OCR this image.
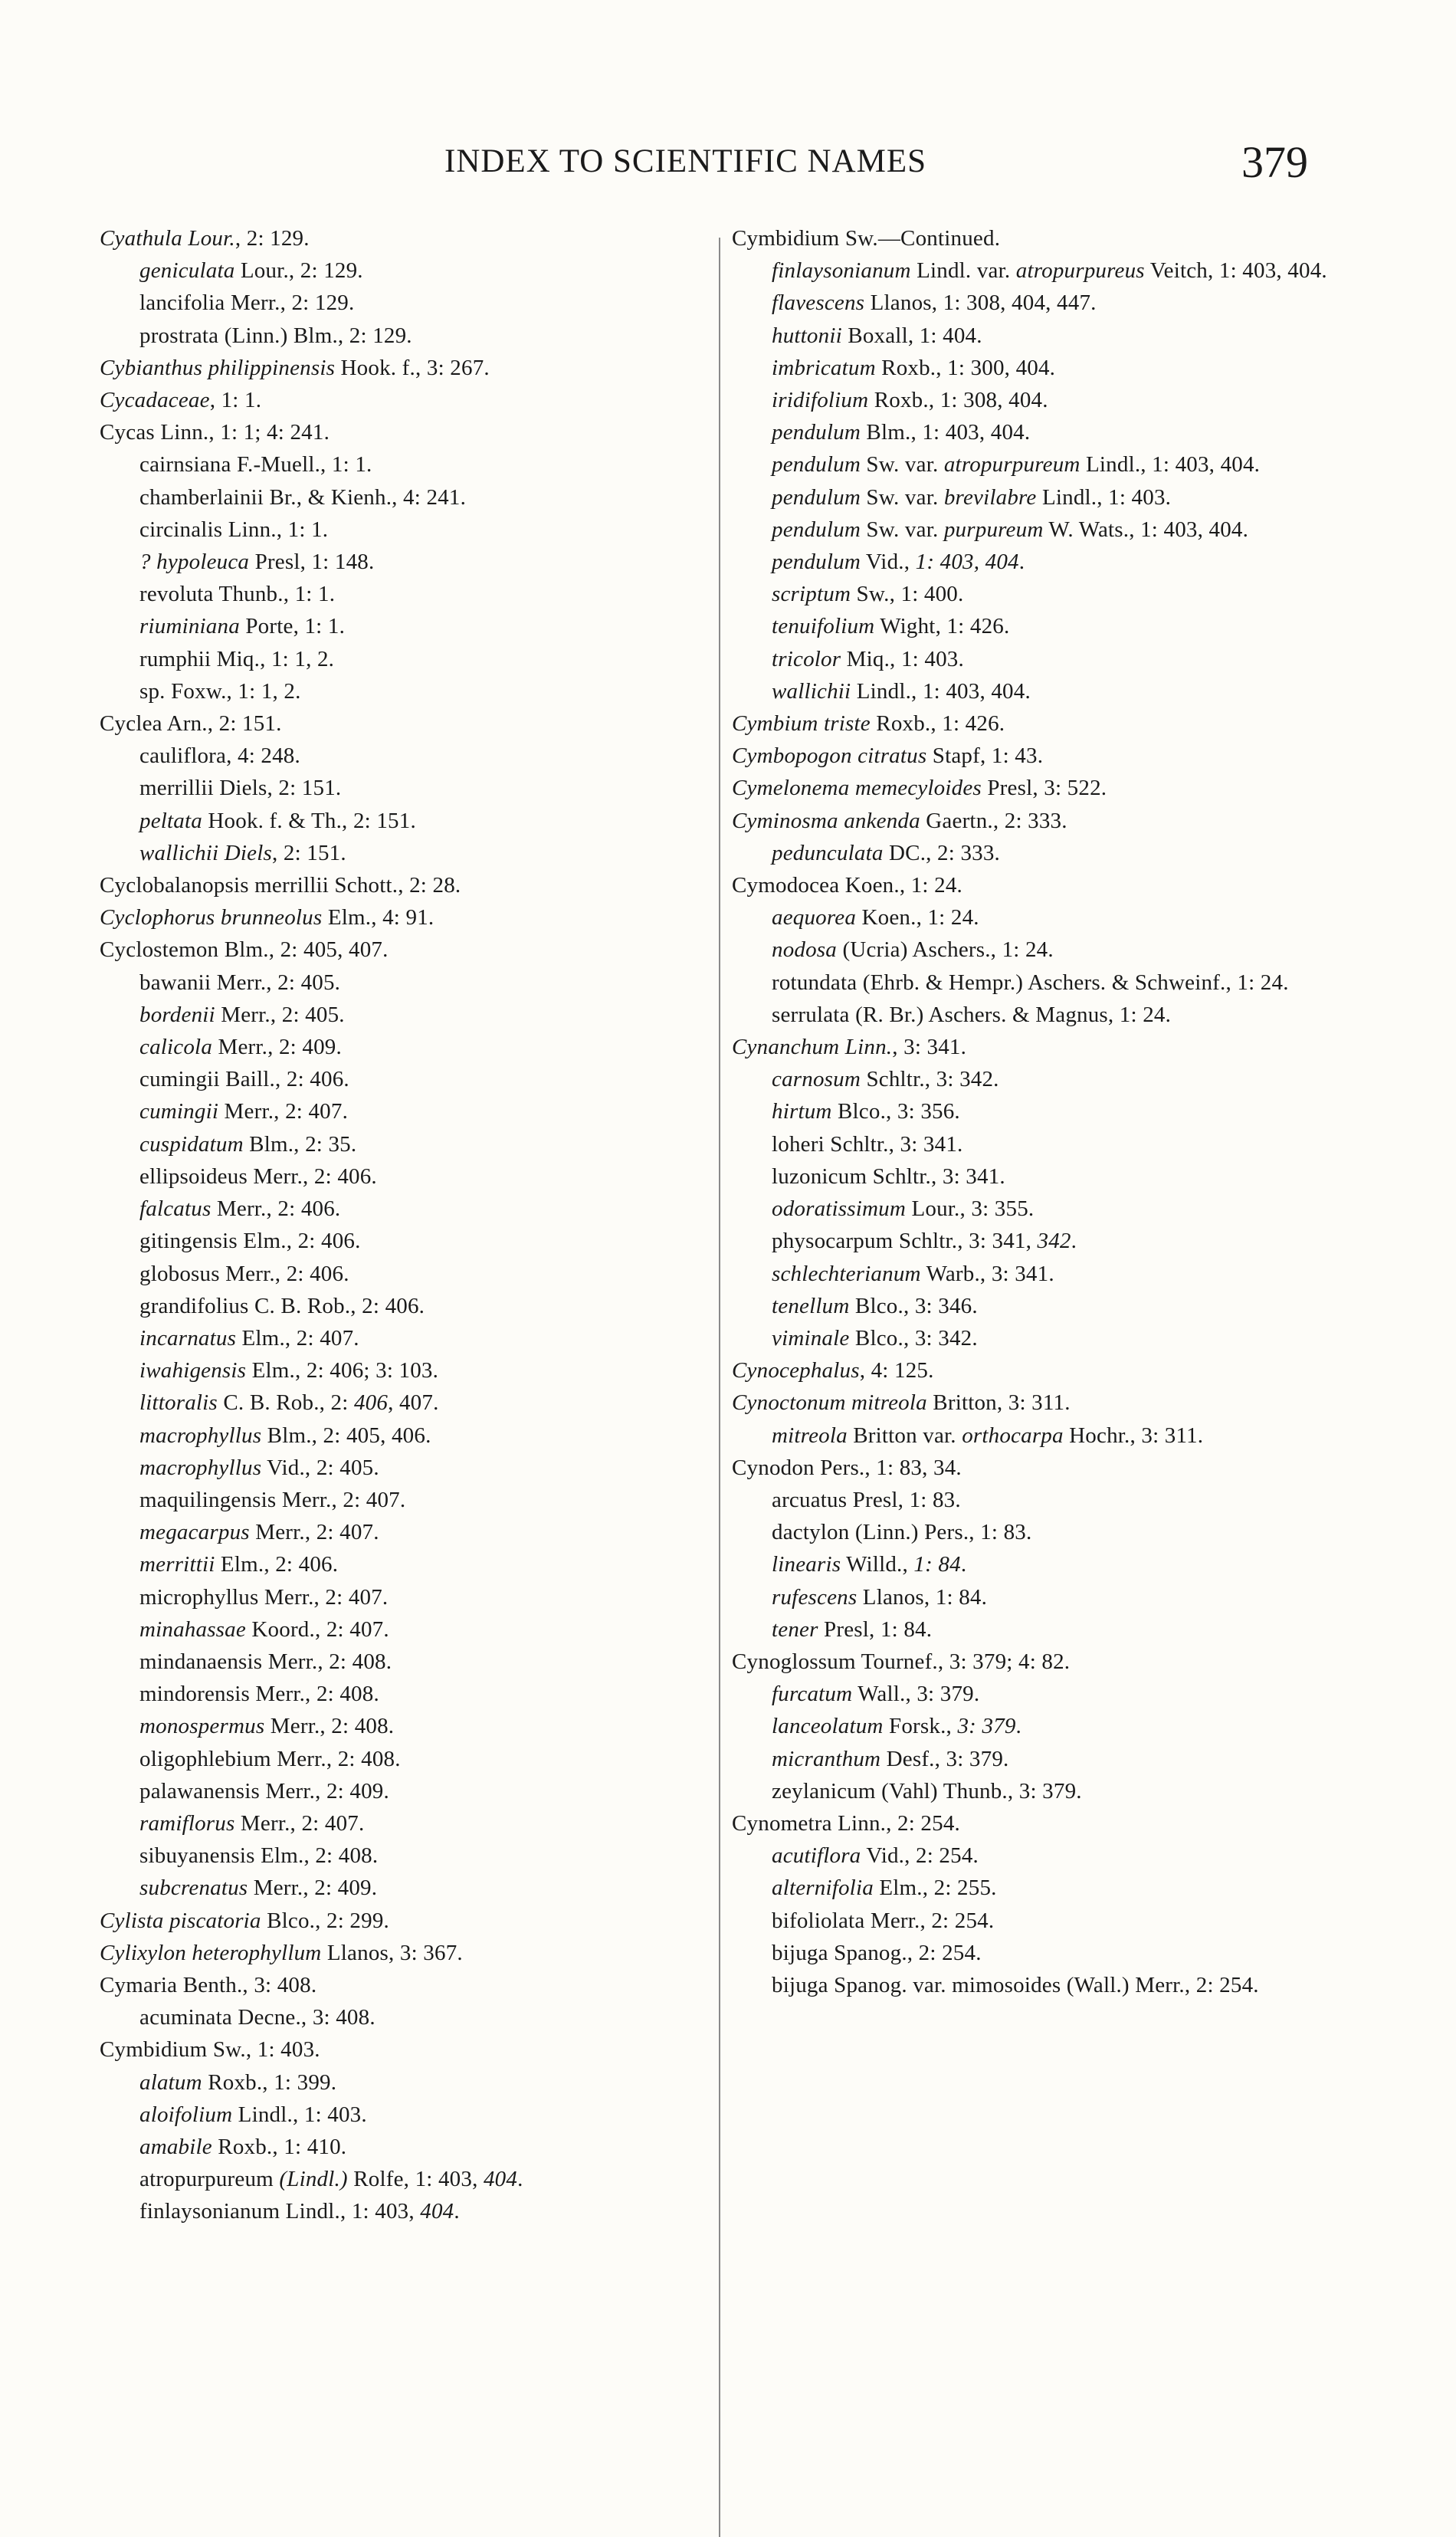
INDEX TO SCIENTIFIC NAMES	379
Cyathula Lour., 2: 129.
geniculata Lour., 2: 129.
lancifolia Merr., 2: 129.
prostrata (Linn.) Blm., 2: 129.
Cybianthus philippinensis Hook. f., 3: 267.
Cycadaceae, 1: 1.
Cycas Linn., 1: 1; 4: 241.
cairnsiana F.-Muell., 1: 1.
chamberlainii Br., & Kienh., 4: 241.
circinalis Linn., 1: 1.
? hypoleuca Presl, 1: 148.
revoluta Thunb., 1: 1.
riuminiana Porte, 1: 1.
rumphii Miq., 1: 1, 2.
sp. Foxw., 1: 1, 2.
Cyclea Arn., 2: 151.
cauliflora, 4: 248.
merrillii Diels, 2: 151.
peltata Hook. f. & Th., 2: 151.
wallichii Diels, 2: 151.
Cyclobalanopsis merrillii Schott., 2: 28.
Cyclophorus brunneolus Elm., 4: 91.
Cyclostemon Blm., 2: 405, 407.
bawanii Merr., 2: 405.
bordenii Merr., 2: 405.
calicola Merr., 2: 409.
cumingii Baill., 2: 406.
cumingii Merr., 2: 407.
cuspidatum Blm., 2: 35.
ellipsoideus Merr., 2: 406.
falcatus Merr., 2: 406.
gitingensis Elm., 2: 406.
globosus Merr., 2: 406.
grandifolius C. B. Rob., 2: 406.
incarnatus Elm., 2: 407.
iwahigensis Elm., 2: 406; 3: 103.
littoralis C. B. Rob., 2: 406, 407.
macrophyllus Blm., 2: 405, 406.
macrophyllus Vid., 2: 405.
maquilingensis Merr., 2: 407.
megacarpus Merr., 2: 407.
merrittii Elm., 2: 406.
microphyllus Merr., 2: 407.
minahassae Koord., 2: 407.
mindanaensis Merr., 2: 408.
mindorensis Merr., 2: 408.
monospermus Merr., 2: 408.
oligophlebium Merr., 2: 408.
palawanensis Merr., 2: 409.
ramiflorus Merr., 2: 407.
sibuyanensis Elm., 2: 408.
subcrenatus Merr., 2: 409.
Cylista piscatoria Blco., 2: 299.
Cylixylon heterophyllum Llanos, 3: 367.
Cymaria Benth., 3: 408.
acuminata Decne., 3: 408.
Cymbidium Sw., 1: 403.
alatum Roxb., 1: 399.
aloifolium Lindl., 1: 403.
amabile Roxb., 1: 410.
atropurpureum (Lindl.) Rolfe, 1: 403, 404.
finlaysonianum Lindl., 1: 403, 404.
Cymbidium Sw.—Continued.
finlaysonianum Lindl. var. atropurpureus Veitch, 1: 403, 404.
flavescens Llanos, 1: 308, 404, 447.
huttonii Boxall, 1: 404.
imbricatum Roxb., 1: 300, 404.
iridifolium Roxb., 1: 308, 404.
pendulum Blm., 1: 403, 404.
pendulum Sw. var. atropurpureum Lindl., 1: 403, 404.
pendulum Sw. var. brevilabre Lindl., 1: 403.
pendulum Sw. var. purpureum W. Wats., 1: 403, 404.
pendulum Vid., 1: 403, 404.
scriptum Sw., 1: 400.
tenuifolium Wight, 1: 426.
tricolor Miq., 1: 403.
wallichii Lindl., 1: 403, 404.
Cymbium triste Roxb., 1: 426.
Cymbopogon citratus Stapf, 1: 43.
Cymelonema memecyloides Presl, 3: 522.
Cyminosma ankenda Gaertn., 2: 333.
pedunculata DC., 2: 333.
Cymodocea Koen., 1: 24.
aequorea Koen., 1: 24.
nodosa (Ucria) Aschers., 1: 24.
rotundata (Ehrb. & Hempr.) Aschers. & Schweinf., 1: 24.
serrulata (R. Br.) Aschers. & Magnus, 1: 24.
Cynanchum Linn., 3: 341.
carnosum Schltr., 3: 342.
hirtum Blco., 3: 356.
loheri Schltr., 3: 341.
luzonicum Schltr., 3: 341.
odoratissimum Lour., 3: 355.
physocarpum Schltr., 3: 341, 342.
schlechterianum Warb., 3: 341.
tenellum Blco., 3: 346.
viminale Blco., 3: 342.
Cynocephalus, 4: 125.
Cynoctonum mitreola Britton, 3: 311.
mitreola Britton var. orthocarpa Hochr., 3: 311.
Cynodon Pers., 1: 83, 34.
arcuatus Presl, 1: 83.
dactylon (Linn.) Pers., 1: 83.
linearis Willd., 1: 84.
rufescens Llanos, 1: 84.
tener Presl, 1: 84.
Cynoglossum Tournef., 3: 379; 4: 82.
furcatum Wall., 3: 379.
lanceolatum Forsk., 3: 379.
micranthum Desf., 3: 379.
zeylanicum (Vahl) Thunb., 3: 379.
Cynometra Linn., 2: 254.
acutiflora Vid., 2: 254.
alternifolia Elm., 2: 255.
bifoliolata Merr., 2: 254.
bijuga Spanog., 2: 254.
bijuga Spanog. var. mimosoides (Wall.) Merr., 2: 254.
